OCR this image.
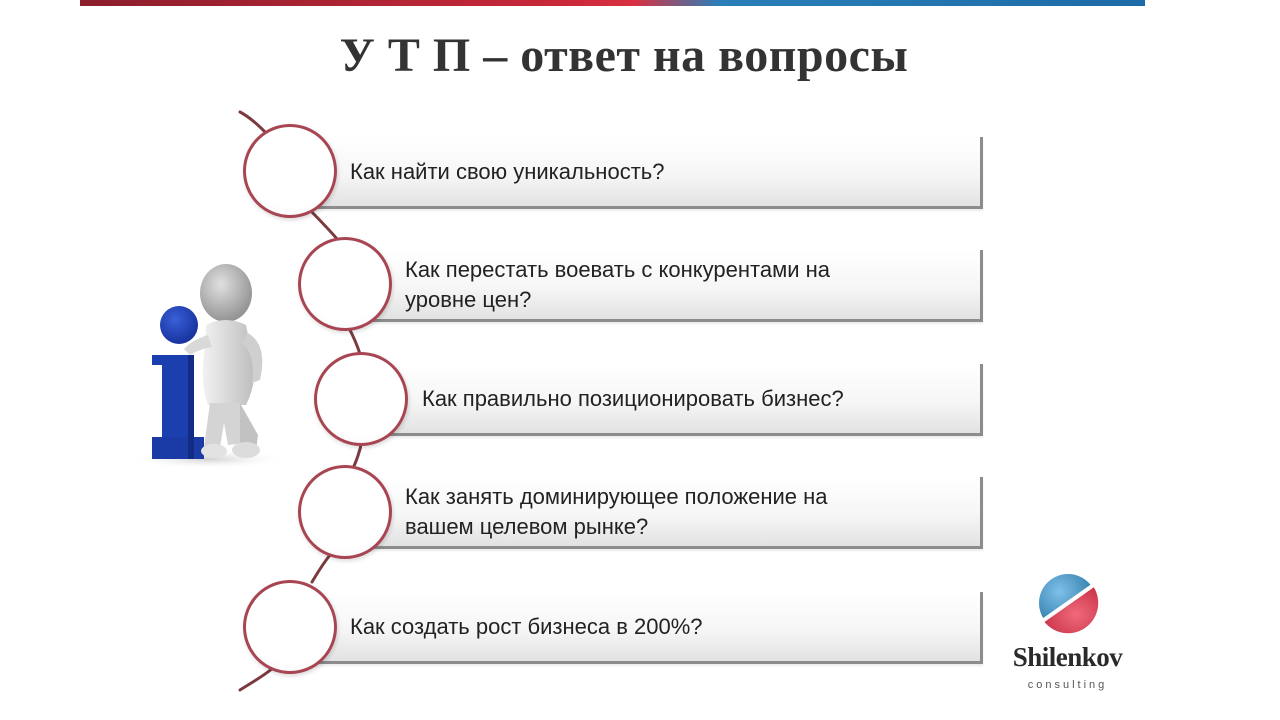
У Т П – ответ на вопросы
Как найти свою уникальность?
Как перестать воевать с конкурентами на
уровне цен?
Как правильно позиционировать бизнес?
Как занять доминирующее положение на
вашем целевом рынке?
Как создать рост бизнеса в 200%?
Shilenkov
consulting
